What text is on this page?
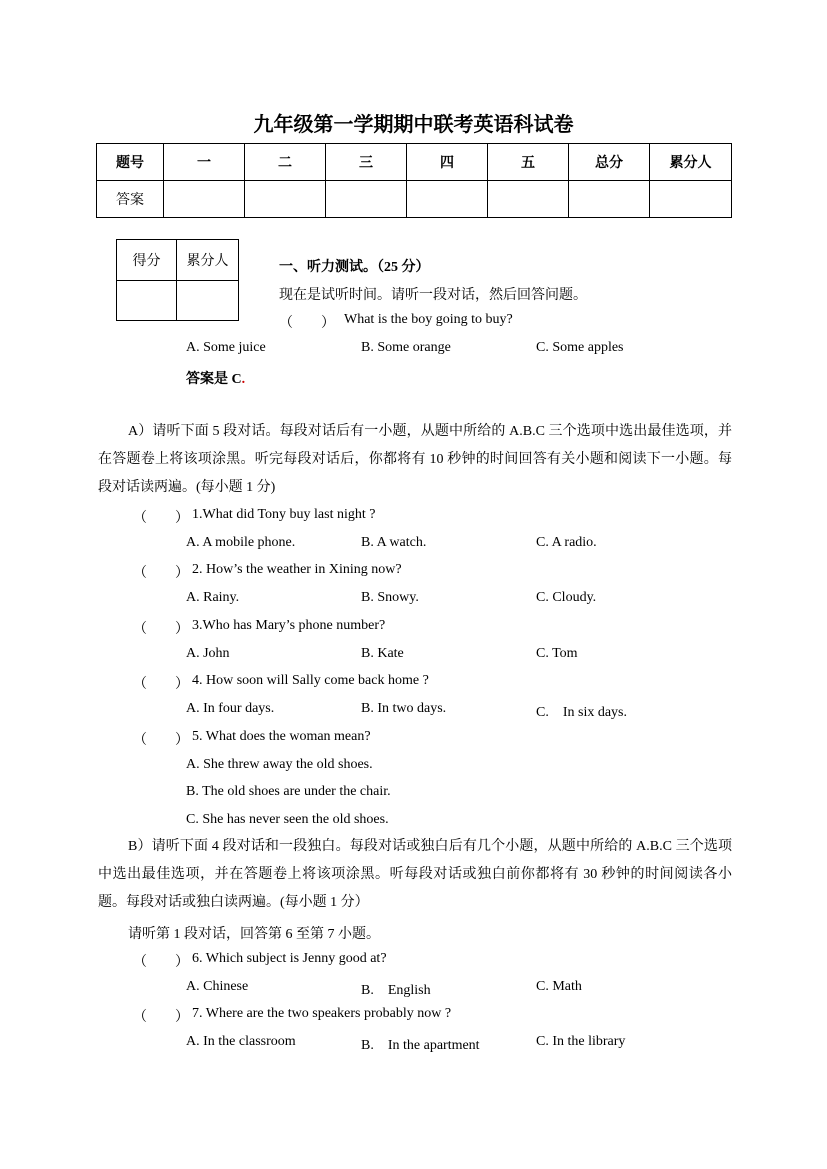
九年级第一学期期中联考英语科试卷
题号	一	二	三	四	五	总分	累分人
答案							
得分	累分人
		一、听力测试。（25 分）
现在是试听时间。请听一段对话，然后回答问题。
（　　） What is the boy going to buy?
A. Some juice	B. Some orange	C. Some apples
答案是 C.
A）请听下面 5 段对话。每段对话后有一小题，从题中所给的 A.B.C 三个选项中选出最佳选项，并在答题卷上将该项涂黑。听完每段对话后，你都将有 10 秒钟的时间回答有关小题和阅读下一小题。每段对话读两遍。(每小题 1 分)
（　　） 1.What did Tony buy last night ?
A. A mobile phone.	B. A watch.	C. A radio.
（　　） 2. How’s the weather in Xining now?
A. Rainy.	B. Snowy.	C. Cloudy.
（　　） 3.Who has Mary’s phone number?
A. John	B. Kate	C. Tom
（　　） 4. How soon will Sally come back home ?
A. In four days.	B. In two days.	C.　In six days.
（　　） 5. What does the woman mean?
A. She threw away the old shoes.
B. The old shoes are under the chair.
C. She has never seen the old shoes.
B）请听下面 4 段对话和一段独白。每段对话或独白后有几个小题，从题中所给的 A.B.C 三个选项中选出最佳选项，并在答题卷上将该项涂黑。听每段对话或独白前你都将有 30 秒钟的时间阅读各小题。每段对话或独白读两遍。(每小题 1 分）
请听第 1 段对话，回答第 6 至第 7 小题。
（　　） 6. Which subject is Jenny good at?
A. Chinese	B.　English	C. Math
（　　） 7. Where are the two speakers probably now ?
A. In the classroom	B.　In the apartment	C. In the library
